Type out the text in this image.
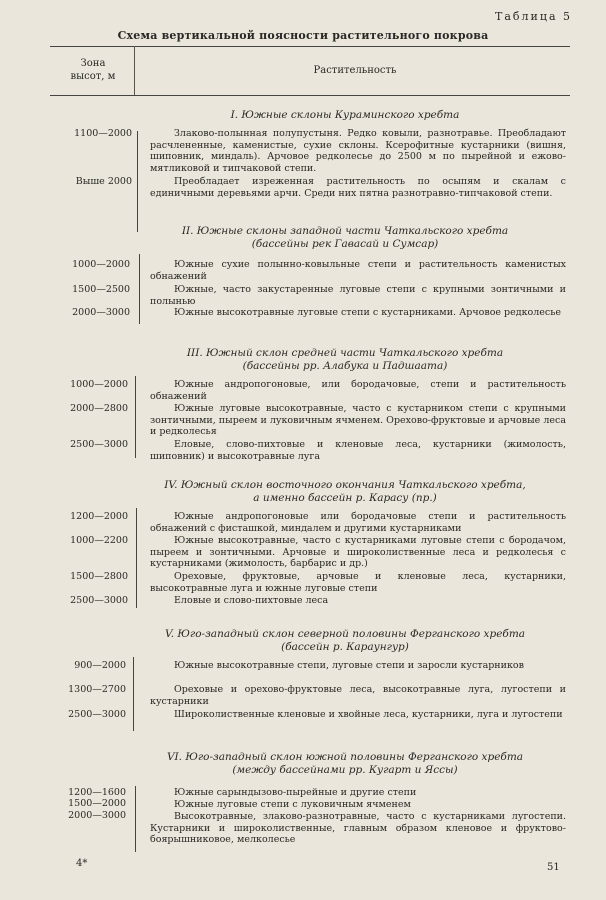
Таблица 5
Схема вертикальной поясности растительного покрова
Зона
высот, м
Растительность
I. Южные склоны Кураминского хребта
1100—2000
Выше 2000
Злаково-полынная полупустыня. Редко ковыли, разнотравье. Преобладают расчлененные, каменистые, сухие склоны. Ксерофитные кустарники (вишня, шиповник, миндаль). Арчовое редколесье до 2500 м по пырейной и ежово-мятликовой и типчаковой степи.
Преобладает изреженная растительность по осыпям и скалам с единичными деревьями арчи. Среди них пятна разнотравно-типчаковой степи.
II. Южные склоны западной части Чаткальского хребта
(бассейны рек Гавасай и Сумсар)
1000—2000
1500—2500
2000—3000
Южные сухие полынно-ковыльные степи и растительность каменистых обнажений
Южные, часто закустаренные луговые степи с крупными зонтичными и полынью
Южные высокотравные луговые степи с кустарниками. Арчовое редколесье
III. Южный склон средней части Чаткальского хребта
(бассейны рр. Алабука и Падшаата)
1000—2000
2000—2800
2500—3000
Южные андропогоновые, или бородачовые, степи и растительность обнажений
Южные луговые высокотравные, часто с кустарником степи с крупными зонтичными, пыреем и луковичным ячменем. Орехово-фруктовые и арчовые леса и редколесья
Еловые, слово-пихтовые и кленовые леса, кустарники (жимолость, шиповник) и высокотравные луга
IV. Южный склон восточного окончания Чаткальского хребта,
а именно бассейн р. Карасу (пр.)
1200—2000
1000—2200
1500—2800
2500—3000
Южные андропогоновые или бородачовые степи и растительность обнажений с фисташкой, миндалем и другими кустарниками
Южные высокотравные, часто с кустарниками луговые степи с бородачом, пыреем и зонтичными. Арчовые и широколиственные леса и редколесья с кустарниками (жимолость, барбарис и др.)
Ореховые, фруктовые, арчовые и кленовые леса, кустарники, высокотравные луга и южные луговые степи
Еловые и слово-пихтовые леса
V. Юго-западный склон северной половины Ферганского хребта
(бассейн р. Караунгур)
900—2000
1300—2700
2500—3000
Южные высокотравные степи, луговые степи и заросли кустарников
Ореховые и орехово-фруктовые леса, высокотравные луга, лугостепи и кустарники
Широколиственные кленовые и хвойные леса, кустарники, луга и лугостепи
VI. Юго-западный склон южной половины Ферганского хребта
(между бассейнами рр. Кугарт и Яссы)
1200—1600
1500—2000
2000—3000
Южные сарындызово-пырейные и другие степи
Южные луговые степи с луковичным ячменем
Высокотравные, злаково-разнотравные, часто с кустарниками лугостепи. Кустарники и широколиственные, главным образом кленовое и фруктово-боярышниковое, мелколесье
4*	51
